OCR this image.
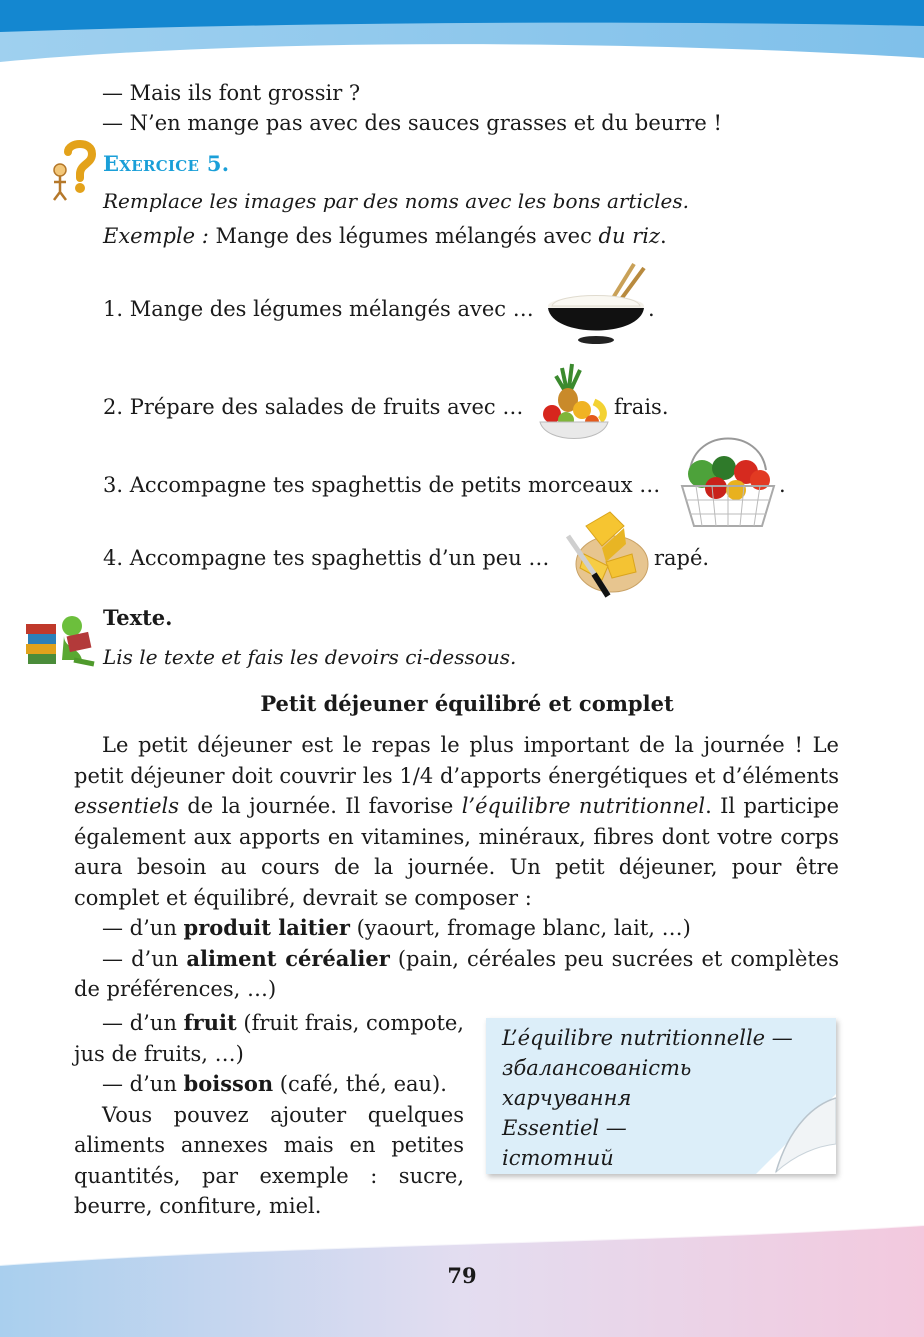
— Mais ils font grossir ?
— N’en mange pas avec des sauces grasses et du beurre !
Exercice 5.
Remplace les images par des noms avec les bons articles.
Exemple : Mange des légumes mélangés avec du riz.
1. Mange des légumes mélangés avec …	.
2. Prépare des salades de fruits avec …	frais.
3. Accompagne tes spaghettis de petits morceaux …	.
4. Accompagne tes spaghettis d’un peu …	rapé.
Texte.
Lis le texte et fais les devoirs ci-dessous.
Petit déjeuner équilibré et complet

Le petit déjeuner est le repas le plus important de la journée ! Le petit déjeuner doit couvrir les 1/4 d’apports énergétiques et d’éléments essentiels de la journée. Il favorise l’équilibre nutritionnel. Il participe également aux apports en vitamines, minéraux, fibres dont votre corps aura besoin au cours de la journée. Un petit déjeuner, pour être complet et équilibré, devrait se composer :

— d’un produit laitier (yaourt, fromage blanc, lait, …)

— d’un aliment céréalier (pain, céréales peu sucrées et complètes de préférences, …)

— d’un fruit (fruit frais, compote, jus de fruits, …)

— d’un boisson (café, thé, eau).

Vous pouvez ajouter quelques aliments annexes mais en petites quantités, par exemple : sucre, beurre, confiture, miel.

L’équilibre nutritionnelle —
збалансованість
харчування
Essentiel —
істотний
79
